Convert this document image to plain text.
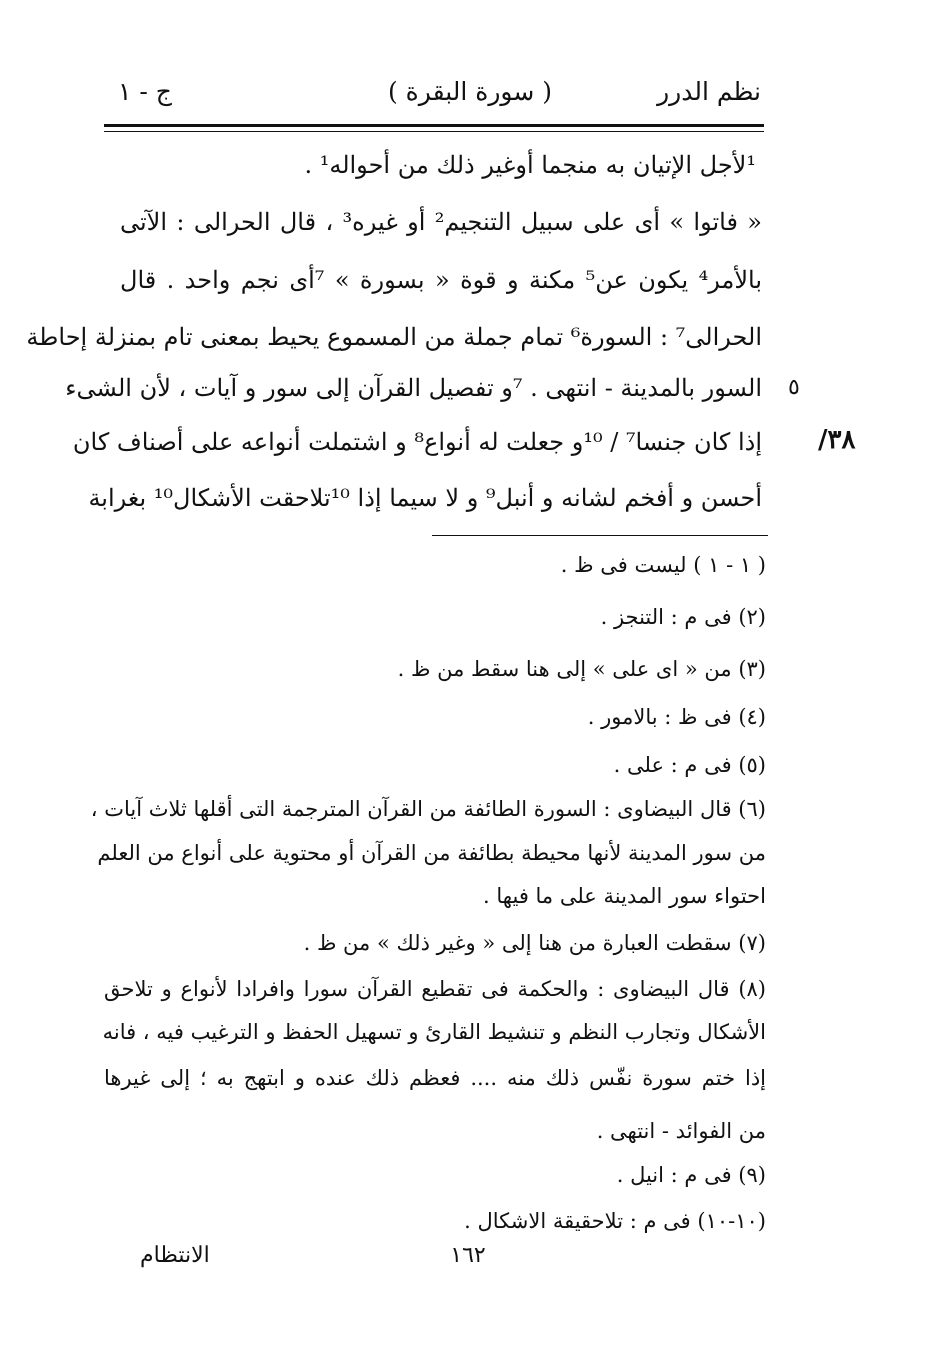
نظم الدرر
( سورة البقرة )
ج - ١
٣٨/
٥
‏¹لأجل الإتيان به منجما أوغير ذلك من أحواله¹ .
« فاتوا » أى على سبيل التنجيم² أو غيره³ ، قال الحرالى : الآتى
بالأمر⁴ يكون عن⁵ مكنة و قوة « بسورة » ⁷أى نجم واحد . قال
الحرالى⁷ : السورة⁶ تمام جملة من المسموع يحيط بمعنى تام بمنزلة إحاطة
السور بالمدينة - انتهى . ⁷و تفصيل القرآن إلى سور و آيات ، لأن الشىء
إذا كان جنسا⁷ / ¹⁰و جعلت له أنواع⁸ و اشتملت أنواعه على أصناف كان
أحسن و أفخم لشانه و أنبل⁹ و لا سيما إذا ¹⁰تلاحقت الأشكال¹⁰ بغرابة
( ١ - ١ ) ليست فى ظ .
(٢) فى م : التنجز .
(٣) من « اى على » إلى هنا سقط من ظ .
(٤) فى ظ : بالامور .
(٥) فى م : على .
(٦) قال البيضاوى : السورة الطائفة من القرآن المترجمة التى أقلها ثلاث آيات ،
من سور المدينة لأنها محيطة بطائفة من القرآن أو محتوية على أنواع من العلم
احتواء سور المدينة على ما فيها .
(٧) سقطت العبارة من هنا إلى « وغير ذلك » من ظ .
(٨) قال البيضاوى : والحكمة فى تقطيع القرآن سورا وافرادا لأنواع و تلاحق
الأشكال وتجارب النظم و تنشيط القارئ و تسهيل الحفظ و الترغيب فيه ، فانه
إذا ختم سورة نفّس ذلك منه .... فعظم ذلك عنده و ابتهج به ؛ إلى غيرها
من الفوائد - انتهى .
(٩) فى م : انيل .
(١٠-١٠) فى م : تلاحقيقة الاشكال .
١٦٢
الانتظام
